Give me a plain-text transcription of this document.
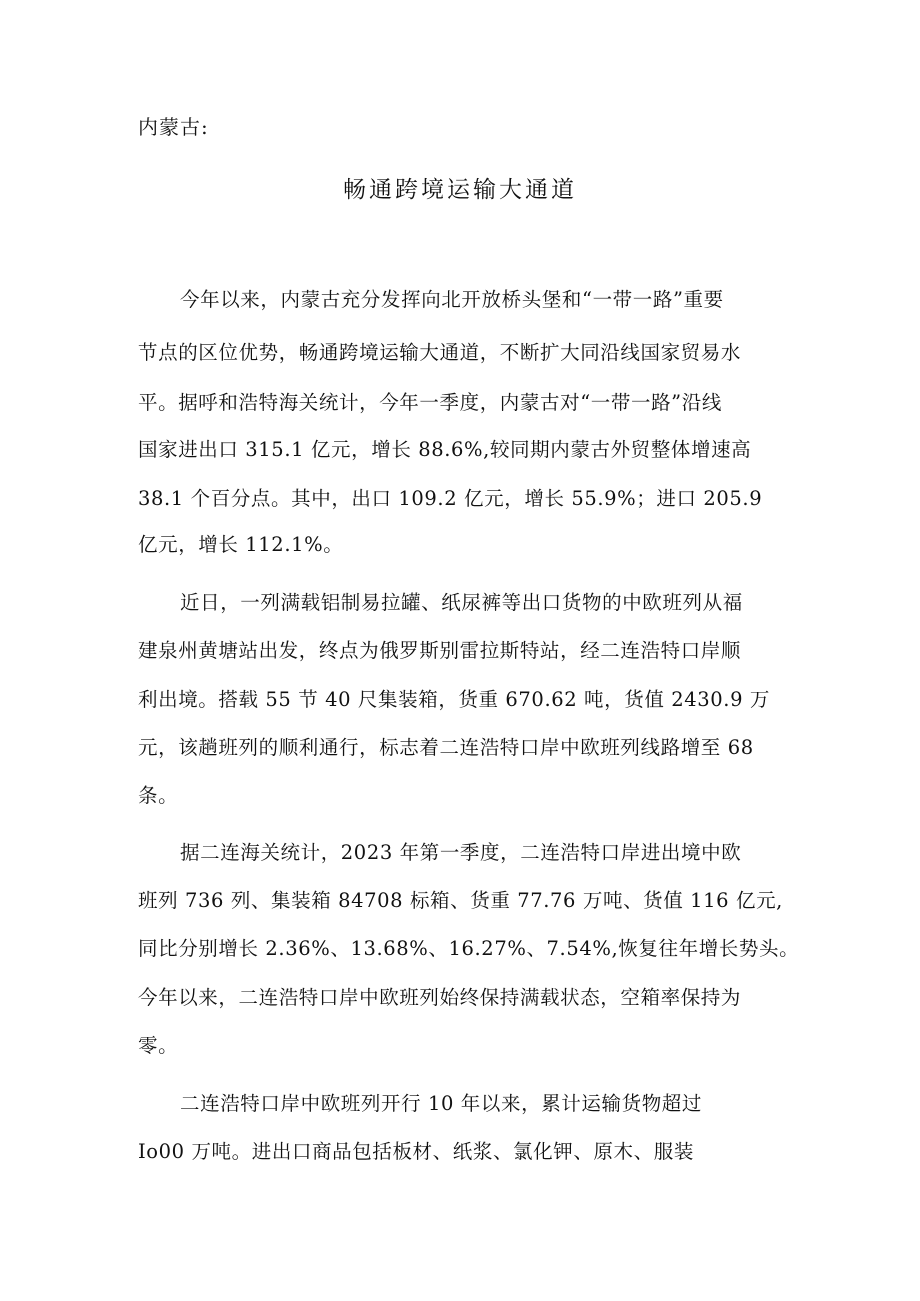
内蒙古:
畅通跨境运输大通道
今年以来，内蒙古充分发挥向北开放桥头堡和“一带一路”重要
节点的区位优势，畅通跨境运输大通道，不断扩大同沿线国家贸易水
平。据呼和浩特海关统计，今年一季度，内蒙古对“一带一路”沿线
国家进出口 315.1 亿元，增长 88.6%,较同期内蒙古外贸整体增速高
38.1 个百分点。其中，出口 109.2 亿元，增长 55.9%；进口 205.9
亿元，增长 112.1%。
近日，一列满载铝制易拉罐、纸尿裤等出口货物的中欧班列从福
建泉州黄塘站出发，终点为俄罗斯别雷拉斯特站，经二连浩特口岸顺
利出境。搭载 55 节 40 尺集装箱，货重 670.62 吨，货值 2430.9 万
元，该趟班列的顺利通行，标志着二连浩特口岸中欧班列线路增至 68
条。
据二连海关统计，2023 年第一季度，二连浩特口岸进出境中欧
班列 736 列、集装箱 84708 标箱、货重 77.76 万吨、货值 116 亿元,
同比分别增长 2.36%、13.68%、16.27%、7.54%,恢复往年增长势头。
今年以来，二连浩特口岸中欧班列始终保持满载状态，空箱率保持为
零。
二连浩特口岸中欧班列开行 10 年以来，累计运输货物超过
Io00 万吨。进出口商品包括板材、纸浆、氯化钾、原木、服装
